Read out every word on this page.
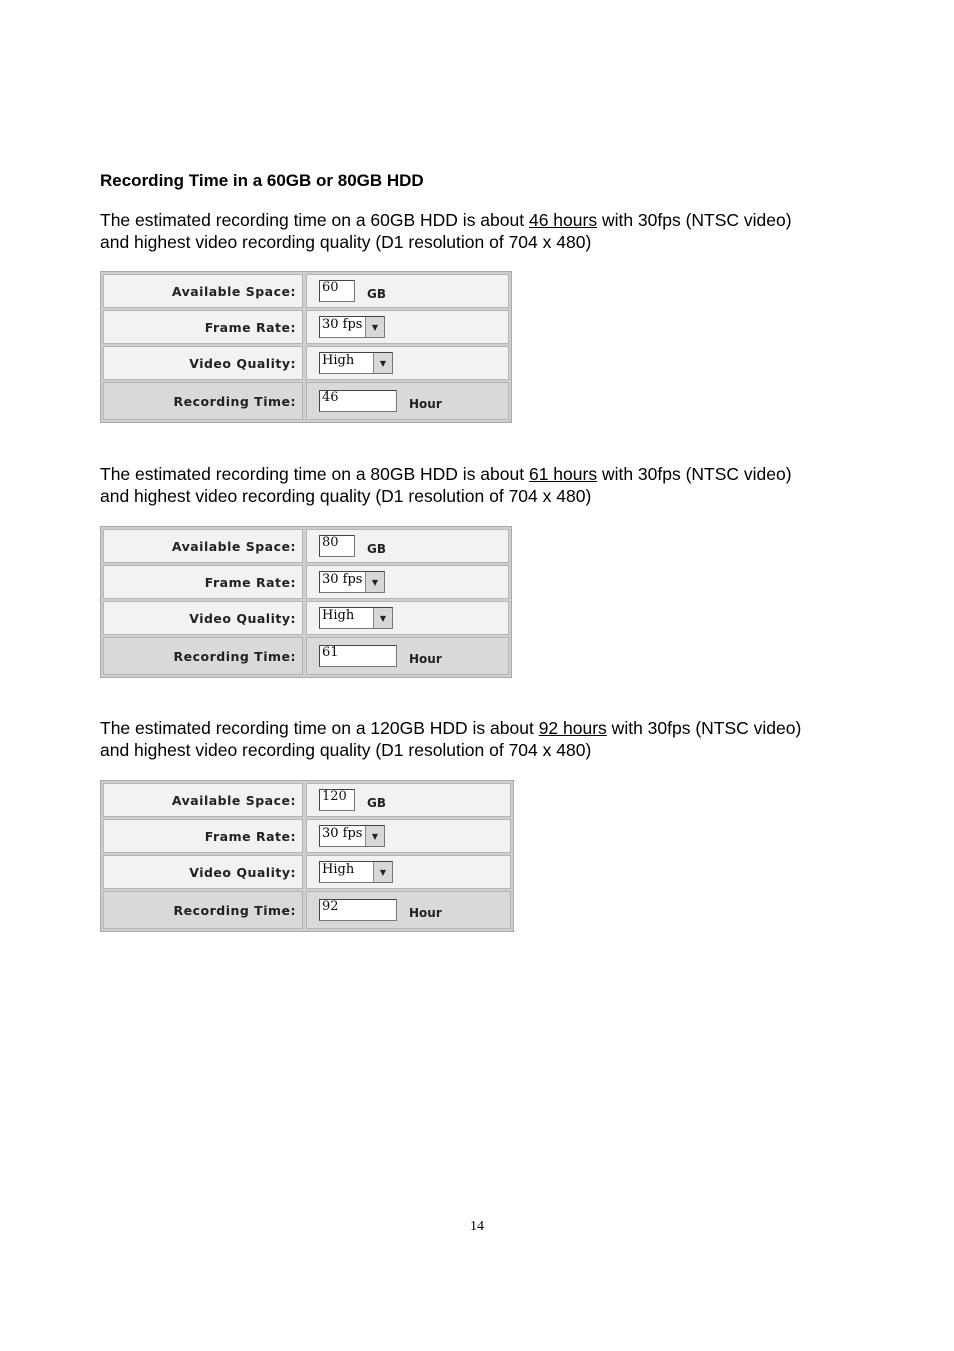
Recording Time in a 60GB or 80GB HDD

The estimated recording time on a 60GB HDD is about 46 hours with 30fps (NTSC video)
and highest video recording quality (D1 resolution of 704 x 480)

Available Space:	60	GB
Frame Rate:	30 fps	▼
Video Quality:	High	▼
Recording Time:	46	Hour

The estimated recording time on a 80GB HDD is about 61 hours with 30fps (NTSC video)
and highest video recording quality (D1 resolution of 704 x 480)

Available Space:	80	GB
Frame Rate:	30 fps	▼
Video Quality:	High	▼
Recording Time:	61	Hour

The estimated recording time on a 120GB HDD is about 92 hours with 30fps (NTSC video)
and highest video recording quality (D1 resolution of 704 x 480)

Available Space:	120	GB
Frame Rate:	30 fps	▼
Video Quality:	High	▼
Recording Time:	92	Hour
14
